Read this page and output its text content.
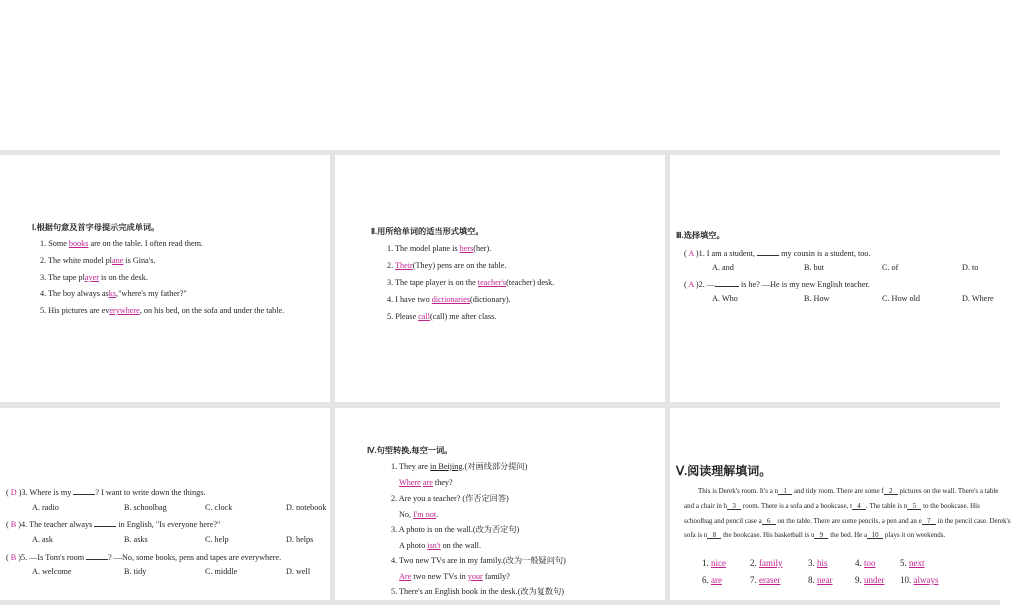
Ⅰ.根据句意及首字母提示完成单词。
1. Some books are on the table. I often read them.
2. The white model plane is Gina's.
3. The tape player is on the desk.
4. The boy always asks,"where's my father?"
5. His pictures are everywhere, on his bed, on the sofa and under the table.
Ⅱ.用所给单词的适当形式填空。
1. The model plane is hers(her).
2. Their(They) pens are on the table.
3. The tape player is on the teacher's(teacher) desk.
4. I have two dictionaries(dictionary).
5. Please call(call) me after class.
Ⅲ.选择填空。
( A )1. I am a student,	my cousin is a student, too.
A. and	B. but	C. of	D. to
( A )2. —	is he? —He is my new English teacher.
A. Who	B. How	C. How old	D. Where
( D )3. Where is my	? I want to write down the things.
A. radio	B. schoolbag	C. clock	D. notebook
( B )4. The teacher always	in English, "Is everyone here?"
A. ask	B. asks	C. help	D. helps
( B )5. —Is Tom's room	? —No, some books, pens and tapes are everywhere.
A. welcome	B. tidy	C. middle	D. well
Ⅳ.句型转换,每空一词。
1. They are in Beijing.(对画线部分提问)
Where are they?
2. Are you a teacher? (作否定回答)
No, I'm not.
3. A photo is on the wall.(改为否定句)
A photo isn't on the wall.
4. Two new TVs are in my family.(改为一般疑问句)
Are two new TVs in your family?
5. There's an English book in the desk.(改为复数句)
Ⅴ.阅读理解填词。
This is Derek's room. It's a n 1 and tidy room. There are some f 2 pictures on the wall. There's a table
and a chair in h 3 room. There is a sofa and a bookcase, t 4 . The table is n 5 to the bookcase. His
schoolbag and pencil case a 6 on the table. There are some pencils, a pen and an e 7 in the pencil case. Derek's
sofa is n 8 the bookcase. His basketball is u 9 the bed. He a 10 plays it on weekends.
1. nice	2. family	3. his	4. too	5. next
6. are	7. eraser	8. near	9. under 10. always
